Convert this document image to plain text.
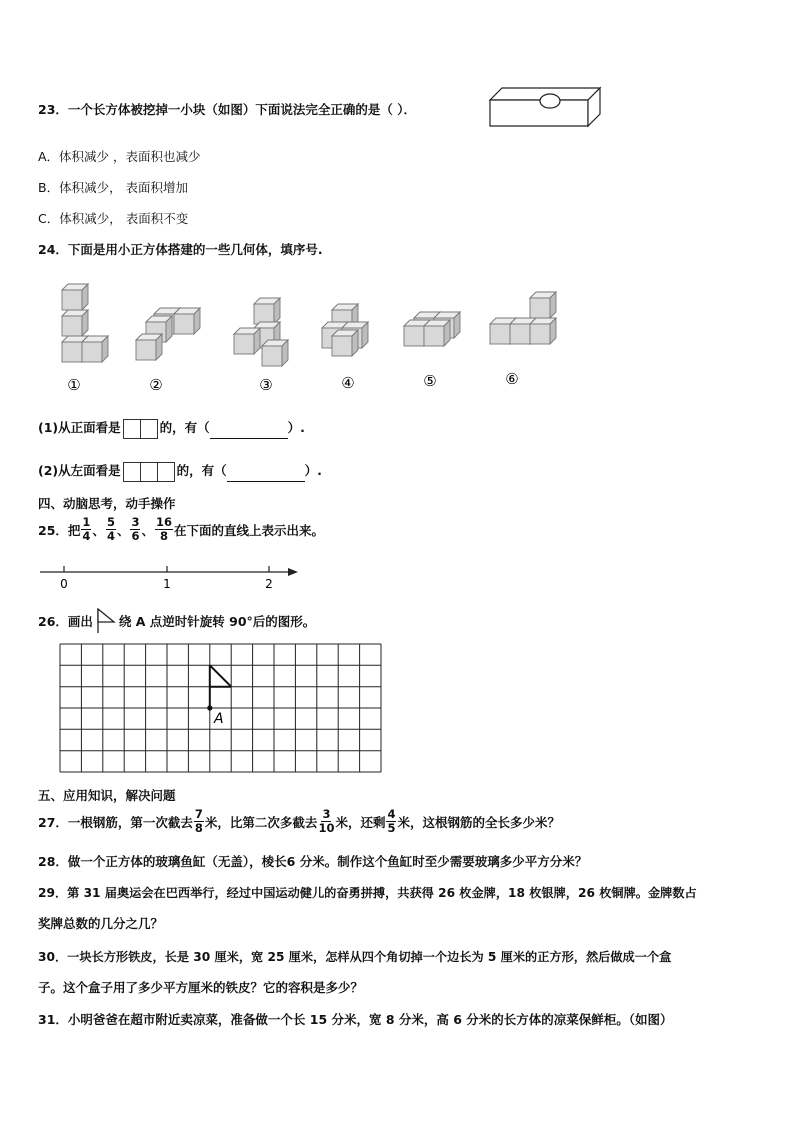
23．一个长方体被挖掉一小块（如图）下面说法完全正确的是（ ）．
A．体积减少 ，表面积也减少
B．体积减少， 表面积增加
C．体积减少， 表面积不变
24．下面是用小正方体搭建的一些几何体，填序号.
①	②	③	④	⑤	⑥
(1)从正面看是	的，有（	）.
(2)从左面看是	的，有（	）.
四、动脑思考，动手操作
25．把 $\frac{1}{4}$ 、 $\frac{5}{4}$ 、 $\frac{3}{6}$ 、 $\frac{16}{8}$ 在下面的直线上表示出来。
0	1	2
26．画出 绕 A 点逆时针旋转 90°后的图形。
A
五、应用知识，解决问题
27．一根钢筋，第一次截去 $\frac{7}{8}$ 米，比第二次多截去 $\frac{3}{10}$ 米，还剩 $\frac{4}{5}$ 米，这根钢筋的全长多少米？
28．做一个正方体的玻璃鱼缸（无盖），棱长6 分米。制作这个鱼缸时至少需要玻璃多少平方分米？
29．第 31 届奥运会在巴西举行，经过中国运动健儿的奋勇拼搏，共获得 26 枚金牌，18 枚银牌，26 枚铜牌。金牌数占
奖牌总数的几分之几？
30．一块长方形铁皮，长是 30 厘米，宽 25 厘米，怎样从四个角切掉一个边长为 5 厘米的正方形，然后做成一个盒
子。这个盒子用了多少平方厘米的铁皮？它的容积是多少？
31．小明爸爸在超市附近卖凉菜，准备做一个长 15 分米，宽 8 分米，高 6 分米的长方体的凉菜保鲜柜。（如图）
